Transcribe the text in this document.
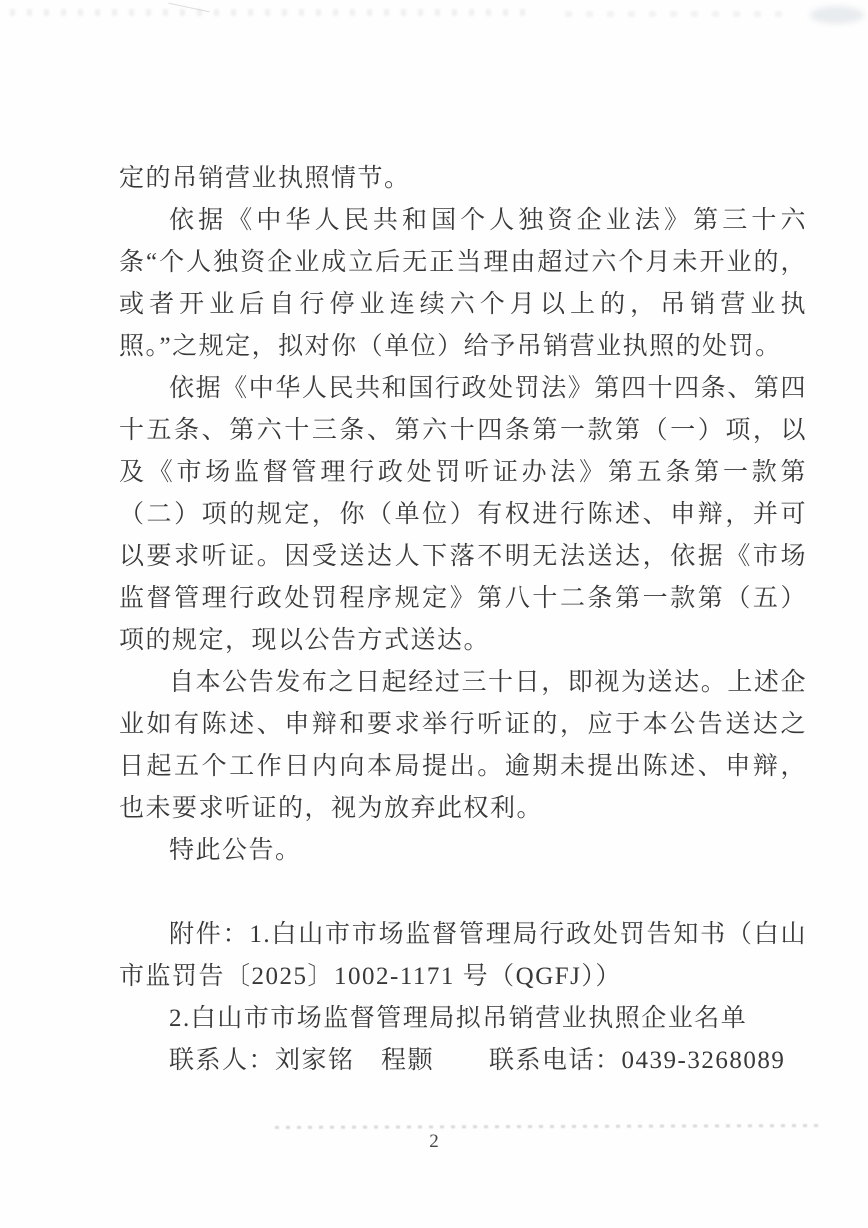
定的吊销营业执照情节。

依据《中华人民共和国个人独资企业法》第三十六条“个人独资企业成立后无正当理由超过六个月未开业的，或者开业后自行停业连续六个月以上的，吊销营业执照。”之规定，拟对你（单位）给予吊销营业执照的处罚。

依据《中华人民共和国行政处罚法》第四十四条、第四十五条、第六十三条、第六十四条第一款第（一）项，以及《市场监督管理行政处罚听证办法》第五条第一款第（二）项的规定，你（单位）有权进行陈述、申辩，并可以要求听证。因受送达人下落不明无法送达，依据《市场监督管理行政处罚程序规定》第八十二条第一款第（五）项的规定，现以公告方式送达。

自本公告发布之日起经过三十日，即视为送达。上述企业如有陈述、申辩和要求举行听证的，应于本公告送达之日起五个工作日内向本局提出。逾期未提出陈述、申辩，也未要求听证的，视为放弃此权利。

特此公告。

附件：1.白山市市场监督管理局行政处罚告知书（白山市监罚告〔2025〕1002-1171 号（QGFJ））

2.白山市市场监督管理局拟吊销营业执照企业名单

联系人：刘家铭　程颢 联系电话：0439-3268089

2
